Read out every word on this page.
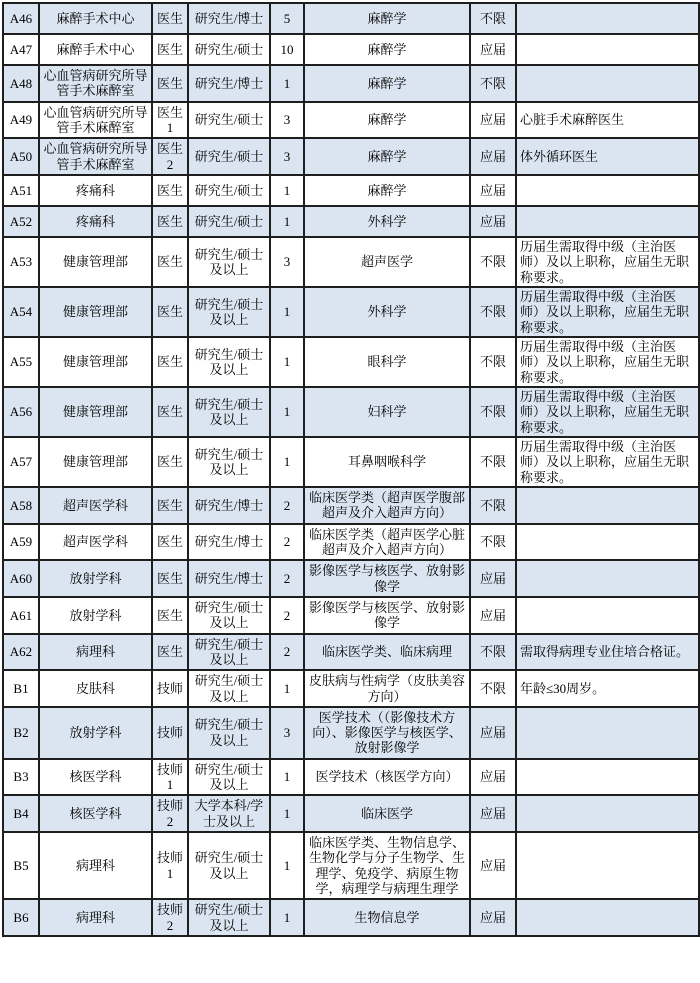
A46	麻醉手术中心	医生	研究生/博士	5	麻醉学	不限	
A47	麻醉手术中心	医生	研究生/硕士	10	麻醉学	应届	
A48	心血管病研究所导管手术麻醉室	医生	研究生/博士	1	麻醉学	不限	
A49	心血管病研究所导管手术麻醉室	医生1	研究生/硕士	3	麻醉学	应届	心脏手术麻醉医生
A50	心血管病研究所导管手术麻醉室	医生2	研究生/硕士	3	麻醉学	应届	体外循环医生
A51	疼痛科	医生	研究生/硕士	1	麻醉学	应届	
A52	疼痛科	医生	研究生/硕士	1	外科学	应届	
A53	健康管理部	医生	研究生/硕士及以上	3	超声医学	不限	历届生需取得中级（主治医师）及以上职称，应届生无职称要求。
A54	健康管理部	医生	研究生/硕士及以上	1	外科学	不限	历届生需取得中级（主治医师）及以上职称，应届生无职称要求。
A55	健康管理部	医生	研究生/硕士及以上	1	眼科学	不限	历届生需取得中级（主治医师）及以上职称，应届生无职称要求。
A56	健康管理部	医生	研究生/硕士及以上	1	妇科学	不限	历届生需取得中级（主治医师）及以上职称，应届生无职称要求。
A57	健康管理部	医生	研究生/硕士及以上	1	耳鼻咽喉科学	不限	历届生需取得中级（主治医师）及以上职称，应届生无职称要求。
A58	超声医学科	医生	研究生/博士	2	临床医学类（超声医学腹部超声及介入超声方向）	不限	
A59	超声医学科	医生	研究生/博士	2	临床医学类（超声医学心脏超声及介入超声方向）	不限	
A60	放射学科	医生	研究生/博士	2	影像医学与核医学、放射影像学	应届	
A61	放射学科	医生	研究生/硕士及以上	2	影像医学与核医学、放射影像学	应届	
A62	病理科	医生	研究生/硕士及以上	2	临床医学类、临床病理	不限	需取得病理专业住培合格证。
B1	皮肤科	技师	研究生/硕士及以上	1	皮肤病与性病学（皮肤美容方向）	不限	年龄≤30周岁。
B2	放射学科	技师	研究生/硕士及以上	3	医学技术（（影像技术方向）、影像医学与核医学、放射影像学	应届	
B3	核医学科	技师1	研究生/硕士及以上	1	医学技术（核医学方向）	应届	
B4	核医学科	技师2	大学本科/学士及以上	1	临床医学	应届	
B5	病理科	技师1	研究生/硕士及以上	1	临床医学类、生物信息学、生物化学与分子生物学、生理学、免疫学、病原生物学，病理学与病理生理学	应届	
B6	病理科	技师2	研究生/硕士及以上	1	生物信息学	应届	
